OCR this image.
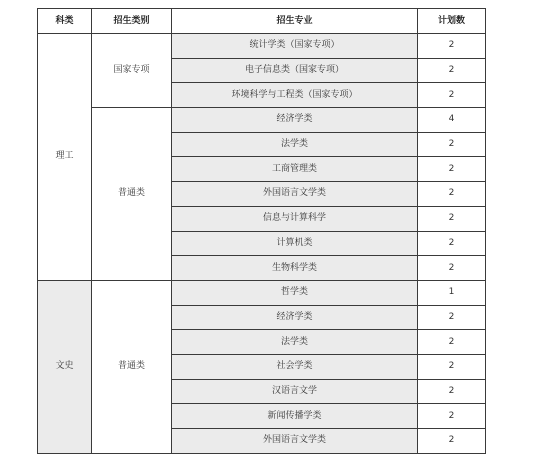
科类	招生类别	招生专业	计划数
理工	国家专项	统计学类（国家专项）	2
		电子信息类（国家专项）	2
		环境科学与工程类（国家专项）	2
	普通类	经济学类	4
		法学类	2
		工商管理类	2
		外国语言文学类	2
		信息与计算科学	2
		计算机类	2
		生物科学类	2
文史	普通类	哲学类	1
		经济学类	2
		法学类	2
		社会学类	2
		汉语言文学	2
		新闻传播学类	2
		外国语言文学类	2
